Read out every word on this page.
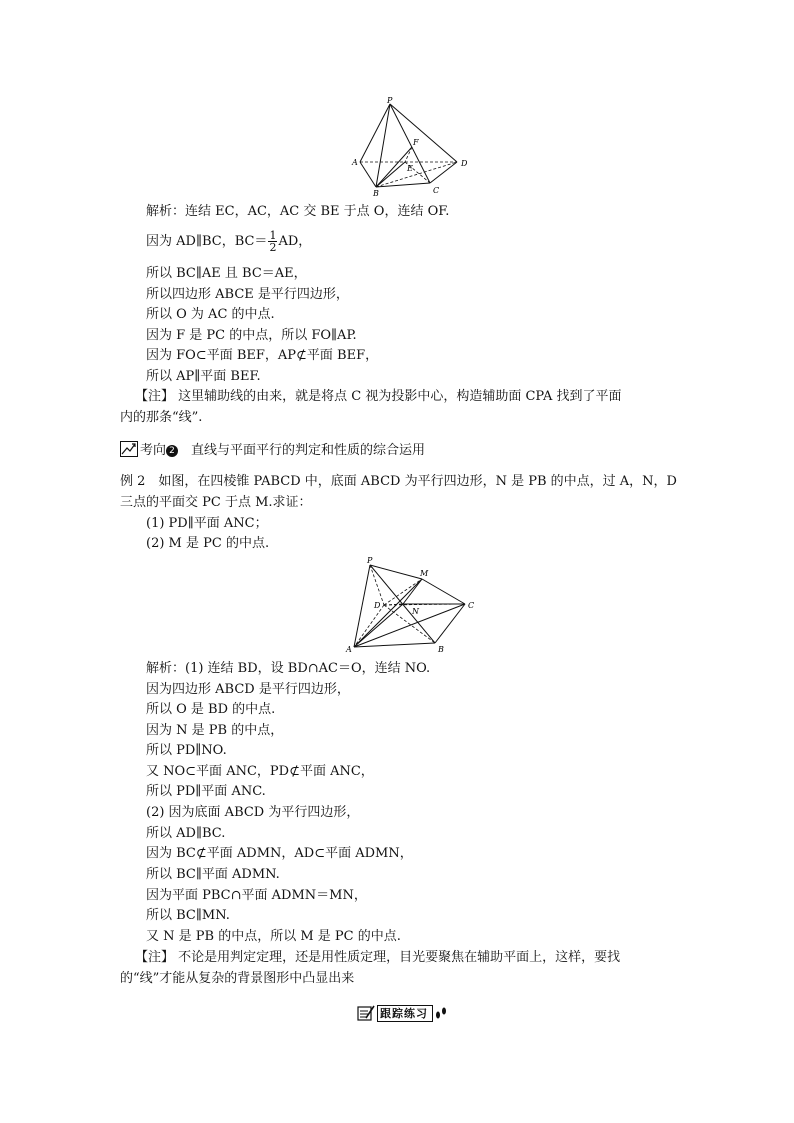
P
A
B	C
D
E
F
解析：连结 EC，AC，AC 交 BE 于点 O，连结 OF.
因为 AD∥BC，$BC= \frac{1}{2}$ AD，
所以 BC∥AE 且 BC＝AE，
所以四边形 ABCE 是平行四边形，
所以 O 为 AC 的中点.
因为 F 是 PC 的中点，所以 FO∥AP.
因为 FO⊂平面 BEF，AP⊄平面 BEF，
所以 AP∥平面 BEF.
【注】 这里辅助线的由来，就是将点 C 视为投影中心，构造辅助面 CPA 找到了平面
内的那条“线”.
考向 2　 直线与平面平行的判定和性质的综合运用
例 2　如图，在四棱锥 PABCD 中，底面 ABCD 为平行四边形，N 是 PB 的中点，过 A，N，D
三点的平面交 PC 于点 M.求证：
(1) PD∥平面 ANC；
(2) M 是 PC 的中点.
P
M
D
N
C
A	B
解析：(1) 连结 BD，设 BD∩AC＝O，连结 NO.
因为四边形 ABCD 是平行四边形，
所以 O 是 BD 的中点.
因为 N 是 PB 的中点，
所以 PD∥NO.
又 NO⊂平面 ANC，PD⊄平面 ANC，
所以 PD∥平面 ANC.
(2) 因为底面 ABCD 为平行四边形，
所以 AD∥BC.
因为 BC⊄平面 ADMN，AD⊂平面 ADMN，
所以 BC∥平面 ADMN.
因为平面 PBC∩平面 ADMN＝MN，
所以 BC∥MN.
又 N 是 PB 的中点，所以 M 是 PC 的中点.
【注】 不论是用判定定理，还是用性质定理，目光要聚焦在辅助平面上，这样，要找
的“线”才能从复杂的背景图形中凸显出来
跟踪练习
